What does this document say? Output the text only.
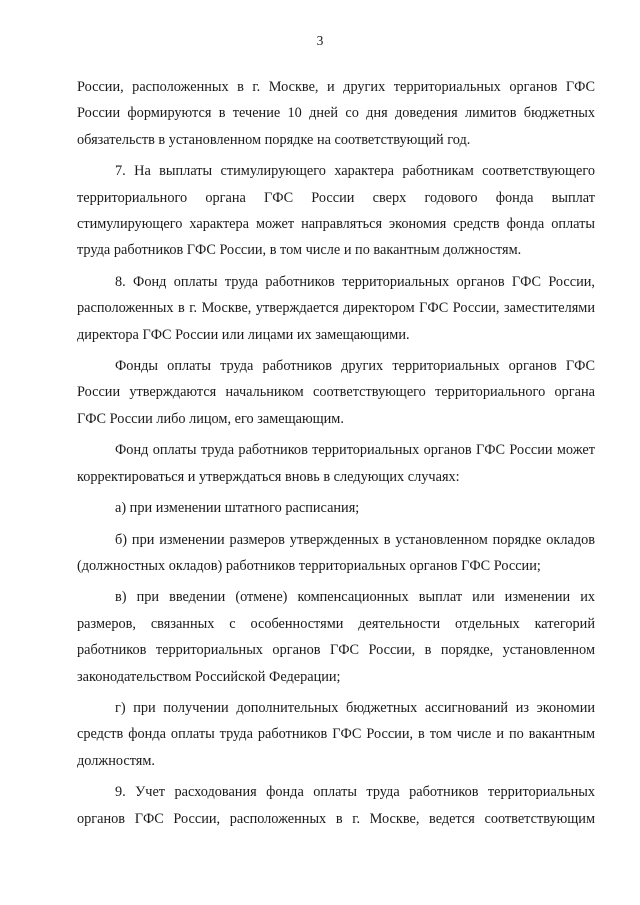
3

России, расположенных в г. Москве, и других территориальных органов ГФС России формируются в течение 10 дней со дня доведения лимитов бюджетных обязательств в установленном порядке на соответствующий год.

7. На выплаты стимулирующего характера работникам соответствующего территориального органа ГФС России сверх годового фонда выплат стимулирующего характера может направляться экономия средств фонда оплаты труда работников ГФС России, в том числе и по вакантным должностям.

8. Фонд оплаты труда работников территориальных органов ГФС России, расположенных в г. Москве, утверждается директором ГФС России, заместителями директора ГФС России или лицами их замещающими.

Фонды оплаты труда работников других территориальных органов ГФС России утверждаются начальником соответствующего территориального органа ГФС России либо лицом, его замещающим.

Фонд оплаты труда работников территориальных органов ГФС России может корректироваться и утверждаться вновь в следующих случаях:

а) при изменении штатного расписания;

б) при изменении размеров утвержденных в установленном порядке окладов (должностных окладов) работников территориальных органов ГФС России;

в) при введении (отмене) компенсационных выплат или изменении их размеров, связанных с особенностями деятельности отдельных категорий работников территориальных органов ГФС России, в порядке, установленном законодательством Российской Федерации;

г) при получении дополнительных бюджетных ассигнований из экономии средств фонда оплаты труда работников ГФС России, в том числе и по вакантным должностям.

9. Учет расходования фонда оплаты труда работников территориальных органов ГФС России, расположенных в г. Москве, ведется соответствующим
